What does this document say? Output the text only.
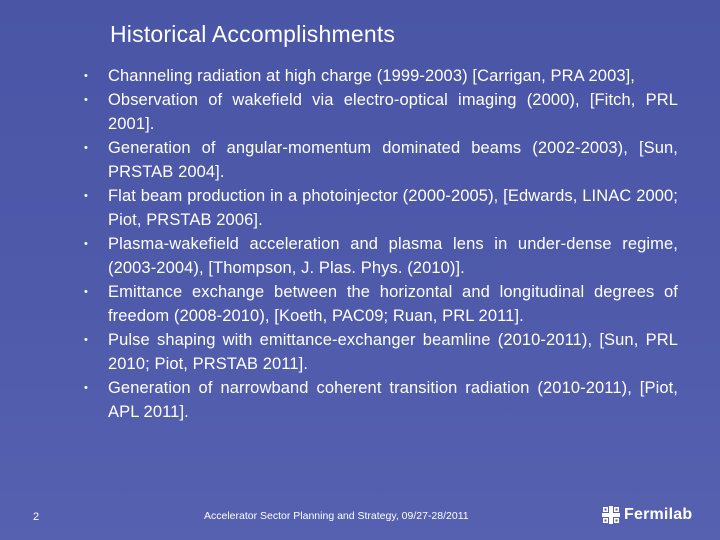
Historical Accomplishments
• Channeling radiation at high charge (1999-2003) [Carrigan, PRA 2003],
• Observation of wakefield via electro-optical imaging (2000), [Fitch, PRL 2001].
• Generation of angular-momentum dominated beams (2002-2003), [Sun, PRSTAB 2004].
• Flat beam production in a photoinjector (2000-2005), [Edwards, LINAC 2000; Piot, PRSTAB 2006].
• Plasma-wakefield acceleration and plasma lens in under-dense regime, (2003-2004), [Thompson, J. Plas. Phys. (2010)].
• Emittance exchange between the horizontal and longitudinal degrees of freedom (2008-2010), [Koeth, PAC09; Ruan, PRL 2011].
• Pulse shaping with emittance-exchanger beamline (2010-2011), [Sun, PRL 2010; Piot, PRSTAB 2011].
• Generation of narrowband coherent transition radiation (2010-2011), [Piot, APL 2011].
2	Accelerator Sector Planning and Strategy, 09/27-28/2011	Fermilab
